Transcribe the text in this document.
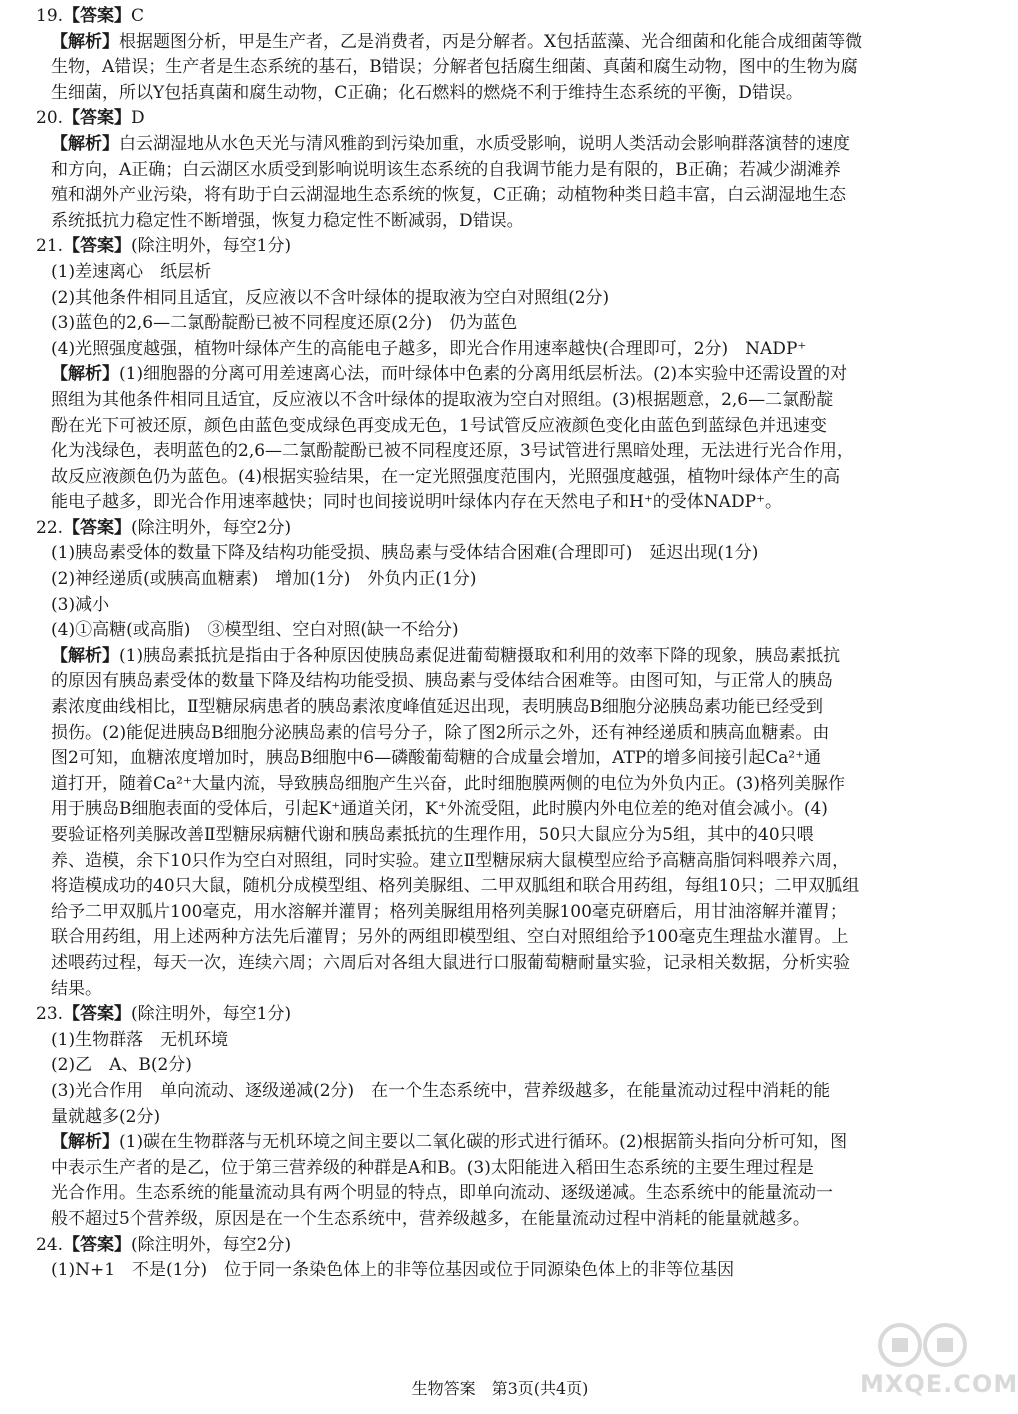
19.【答案】C
【解析】根据题图分析，甲是生产者，乙是消费者，丙是分解者。X包括蓝藻、光合细菌和化能合成细菌等微
生物，A错误；生产者是生态系统的基石，B错误；分解者包括腐生细菌、真菌和腐生动物，图中的生物为腐
生细菌，所以Y包括真菌和腐生动物，C正确；化石燃料的燃烧不利于维持生态系统的平衡，D错误。
20.【答案】D
【解析】白云湖湿地从水色天光与清风雅韵到污染加重，水质受影响，说明人类活动会影响群落演替的速度
和方向，A正确；白云湖区水质受到影响说明该生态系统的自我调节能力是有限的，B正确；若减少湖滩养
殖和湖外产业污染，将有助于白云湖湿地生态系统的恢复，C正确；动植物种类日趋丰富，白云湖湿地生态
系统抵抗力稳定性不断增强，恢复力稳定性不断减弱，D错误。
21.【答案】(除注明外，每空1分)
(1)差速离心　纸层析
(2)其他条件相同且适宜，反应液以不含叶绿体的提取液为空白对照组(2分)
(3)蓝色的2,6—二氯酚靛酚已被不同程度还原(2分)　仍为蓝色
(4)光照强度越强，植物叶绿体产生的高能电子越多，即光合作用速率越快(合理即可，2分)　NADP⁺
【解析】(1)细胞器的分离可用差速离心法，而叶绿体中色素的分离用纸层析法。(2)本实验中还需设置的对
照组为其他条件相同且适宜，反应液以不含叶绿体的提取液为空白对照组。(3)根据题意，2,6—二氯酚靛
酚在光下可被还原，颜色由蓝色变成绿色再变成无色，1号试管反应液颜色变化由蓝色到蓝绿色并迅速变
化为浅绿色，表明蓝色的2,6—二氯酚靛酚已被不同程度还原，3号试管进行黑暗处理，无法进行光合作用，
故反应液颜色仍为蓝色。(4)根据实验结果，在一定光照强度范围内，光照强度越强，植物叶绿体产生的高
能电子越多，即光合作用速率越快；同时也间接说明叶绿体内存在天然电子和H⁺的受体NADP⁺。
22.【答案】(除注明外，每空2分)
(1)胰岛素受体的数量下降及结构功能受损、胰岛素与受体结合困难(合理即可)　延迟出现(1分)
(2)神经递质(或胰高血糖素)　增加(1分)　外负内正(1分)
(3)减小
(4)①高糖(或高脂)　③模型组、空白对照(缺一不给分)
【解析】(1)胰岛素抵抗是指由于各种原因使胰岛素促进葡萄糖摄取和利用的效率下降的现象，胰岛素抵抗
的原因有胰岛素受体的数量下降及结构功能受损、胰岛素与受体结合困难等。由图可知，与正常人的胰岛
素浓度曲线相比，Ⅱ型糖尿病患者的胰岛素浓度峰值延迟出现，表明胰岛B细胞分泌胰岛素功能已经受到
损伤。(2)能促进胰岛B细胞分泌胰岛素的信号分子，除了图2所示之外，还有神经递质和胰高血糖素。由
图2可知，血糖浓度增加时，胰岛B细胞中6—磷酸葡萄糖的合成量会增加，ATP的增多间接引起Ca²⁺通
道打开，随着Ca²⁺大量内流，导致胰岛细胞产生兴奋，此时细胞膜两侧的电位为外负内正。(3)格列美脲作
用于胰岛B细胞表面的受体后，引起K⁺通道关闭，K⁺外流受阻，此时膜内外电位差的绝对值会减小。(4)
要验证格列美脲改善Ⅱ型糖尿病糖代谢和胰岛素抵抗的生理作用，50只大鼠应分为5组，其中的40只喂
养、造模，余下10只作为空白对照组，同时实验。建立Ⅱ型糖尿病大鼠模型应给予高糖高脂饲料喂养六周，
将造模成功的40只大鼠，随机分成模型组、格列美脲组、二甲双胍组和联合用药组，每组10只；二甲双胍组
给予二甲双胍片100毫克，用水溶解并灌胃；格列美脲组用格列美脲100毫克研磨后，用甘油溶解并灌胃；
联合用药组，用上述两种方法先后灌胃；另外的两组即模型组、空白对照组给予100毫克生理盐水灌胃。上
述喂药过程，每天一次，连续六周；六周后对各组大鼠进行口服葡萄糖耐量实验，记录相关数据，分析实验
结果。
23.【答案】(除注明外，每空1分)
(1)生物群落　无机环境
(2)乙　A、B(2分)
(3)光合作用　单向流动、逐级递减(2分)　在一个生态系统中，营养级越多，在能量流动过程中消耗的能
量就越多(2分)
【解析】(1)碳在生物群落与无机环境之间主要以二氧化碳的形式进行循环。(2)根据箭头指向分析可知，图
中表示生产者的是乙，位于第三营养级的种群是A和B。(3)太阳能进入稻田生态系统的主要生理过程是
光合作用。生态系统的能量流动具有两个明显的特点，即单向流动、逐级递减。生态系统中的能量流动一
般不超过5个营养级，原因是在一个生态系统中，营养级越多，在能量流动过程中消耗的能量就越多。
24.【答案】(除注明外，每空2分)
(1)N+1　不是(1分)　位于同一条染色体上的非等位基因或位于同源染色体上的非等位基因
生物答案　第3页(共4页)	MXQE.COM
